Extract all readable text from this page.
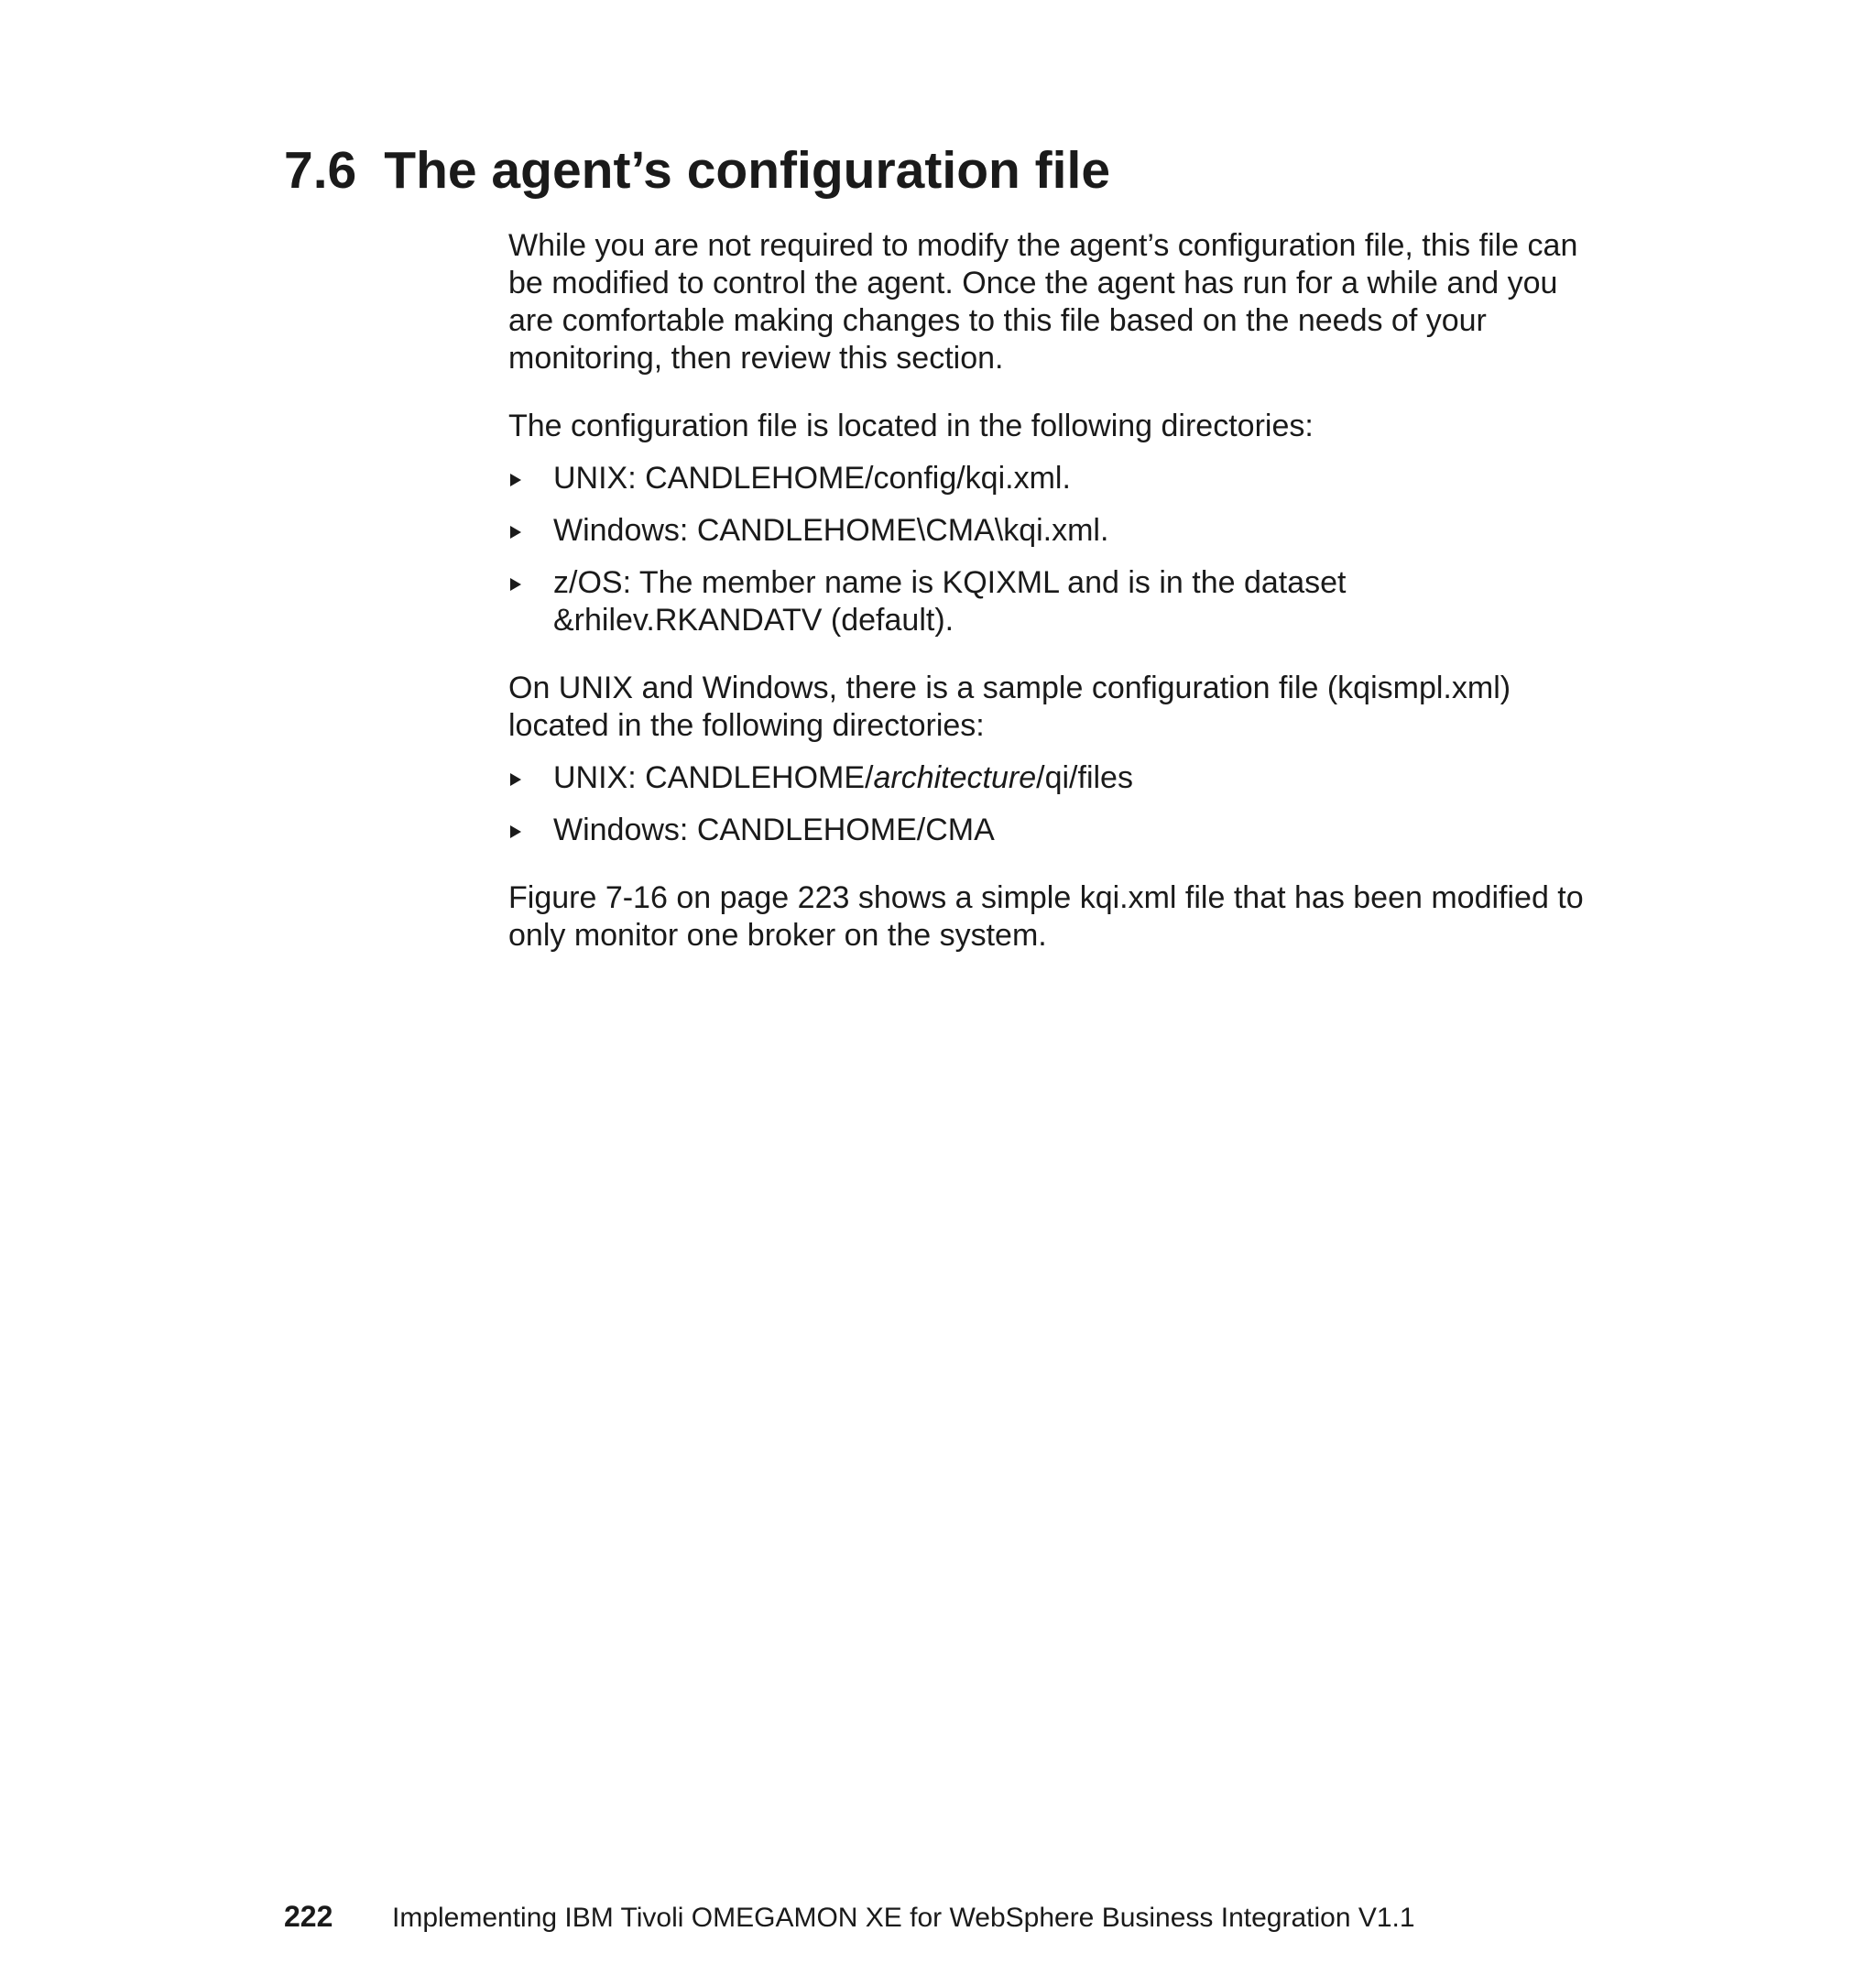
7.6 The agent’s configuration file

While you are not required to modify the agent’s configuration file, this file can be modified to control the agent. Once the agent has run for a while and you are comfortable making changes to this file based on the needs of your monitoring, then review this section.

The configuration file is located in the following directories:

UNIX: CANDLEHOME/config/kqi.xml.
Windows: CANDLEHOME\CMA\kqi.xml.
z/OS: The member name is KQIXML and is in the dataset &rhilev.RKANDATV (default).

On UNIX and Windows, there is a sample configuration file (kqismpl.xml) located in the following directories:

UNIX: CANDLEHOME/architecture/qi/files
Windows: CANDLEHOME/CMA

Figure 7-16 on page 223 shows a simple kqi.xml file that has been modified to only monitor one broker on the system.

222 Implementing IBM Tivoli OMEGAMON XE for WebSphere Business Integration V1.1
